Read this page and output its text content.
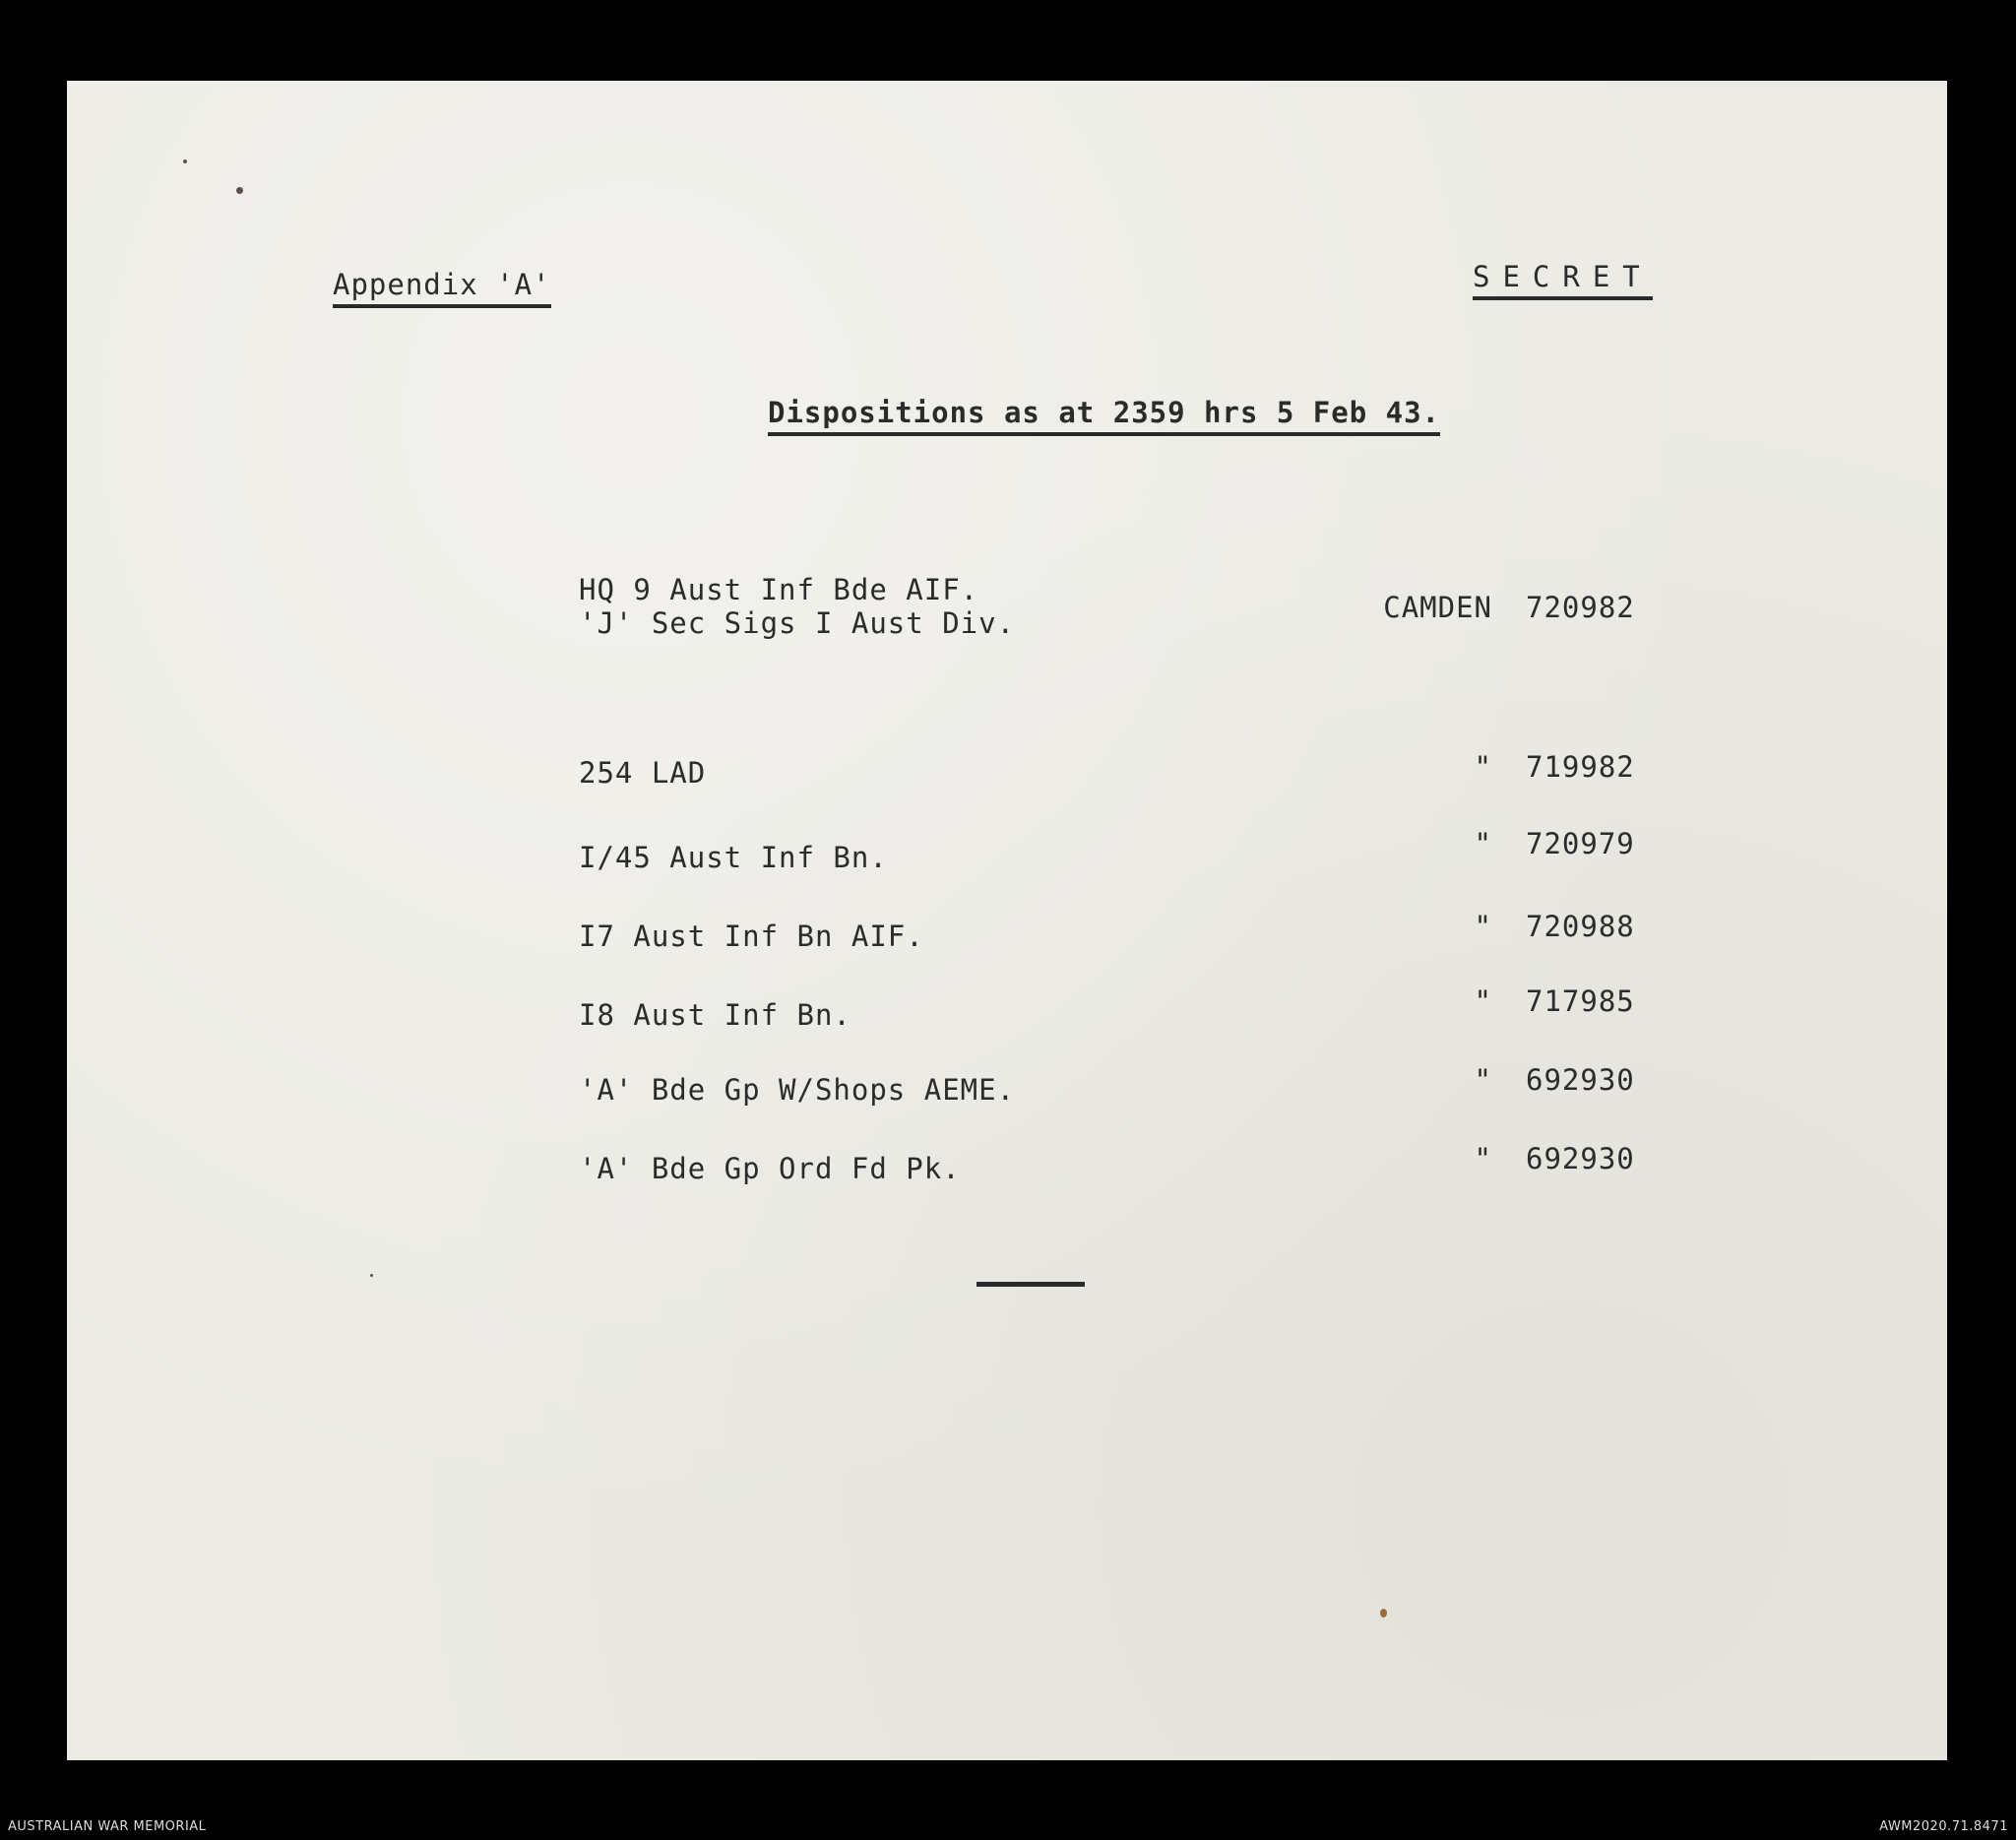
Appendix 'A'	SECRET
Dispositions as at 2359 hrs 5 Feb 43.
HQ 9 Aust Inf Bde AIF.
'J' Sec Sigs I Aust Div.	CAMDEN 720982
254 LAD	" 719982
I/45 Aust Inf Bn.	" 720979
I7 Aust Inf Bn AIF.	" 720988
I8 Aust Inf Bn.	" 717985
'A' Bde Gp W/Shops AEME.	" 692930
'A' Bde Gp Ord Fd Pk.	" 692930
AUSTRALIAN WAR MEMORIAL	AWM2020.71.8471
